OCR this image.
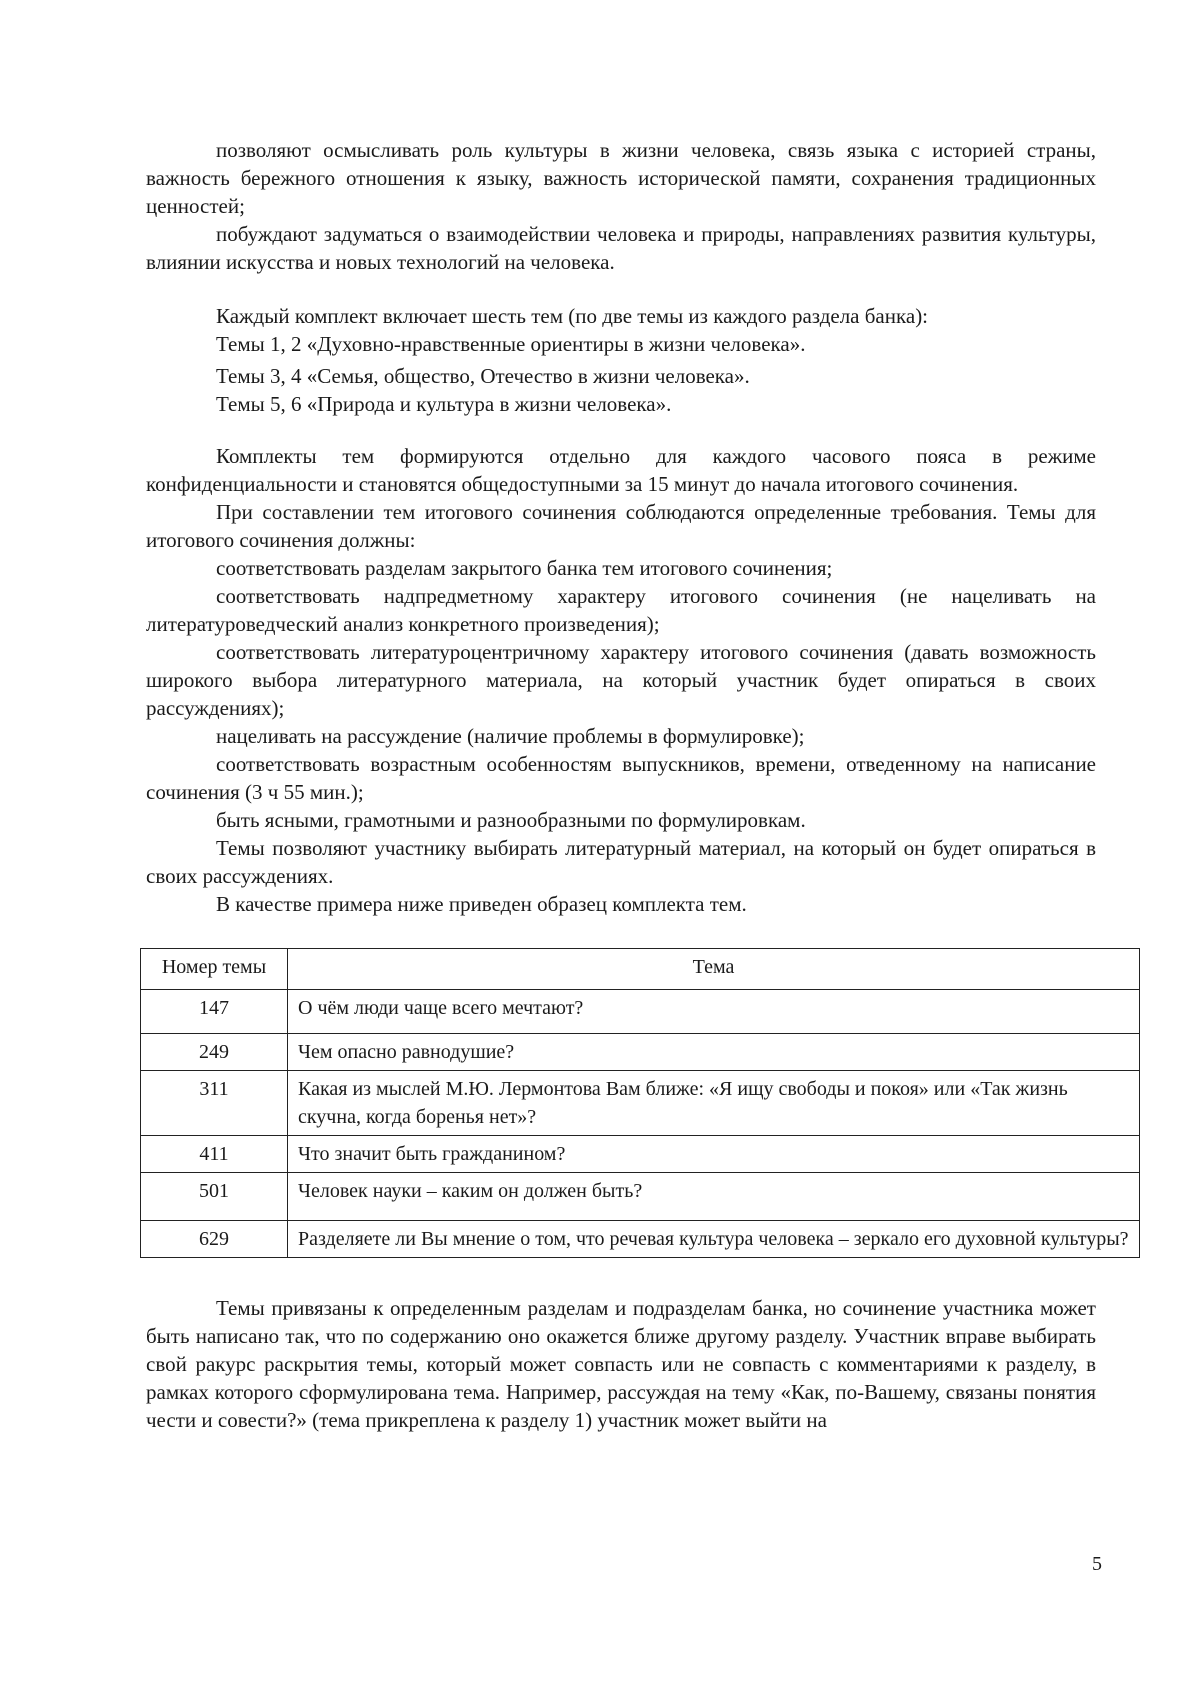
позволяют осмысливать роль культуры в жизни человека, связь языка с историей страны, важность бережного отношения к языку, важность исторической памяти, сохранения традиционных ценностей;

побуждают задуматься о взаимодействии человека и природы, направлениях развития культуры, влиянии искусства и новых технологий на человека.

Каждый комплект включает шесть тем (по две темы из каждого раздела банка):

Темы 1, 2 «Духовно-нравственные ориентиры в жизни человека».

Темы 3, 4 «Семья, общество, Отечество в жизни человека».

Темы 5, 6 «Природа и культура в жизни человека».

Комплекты тем формируются отдельно для каждого часового пояса в режиме конфиденциальности и становятся общедоступными за 15 минут до начала итогового сочинения.

При составлении тем итогового сочинения соблюдаются определенные требования. Темы для итогового сочинения должны:

соответствовать разделам закрытого банка тем итогового сочинения;

соответствовать надпредметному характеру итогового сочинения (не нацеливать на литературоведческий анализ конкретного произведения);

соответствовать литературоцентричному характеру итогового сочинения (давать возможность широкого выбора литературного материала, на который участник будет опираться в своих рассуждениях);

нацеливать на рассуждение (наличие проблемы в формулировке);

соответствовать возрастным особенностям выпускников, времени, отведенному на написание сочинения (3 ч 55 мин.);

быть ясными, грамотными и разнообразными по формулировкам.

Темы позволяют участнику выбирать литературный материал, на который он будет опираться в своих рассуждениях.

В качестве примера ниже приведен образец комплекта тем.

Номер темы	Тема
147	О чём люди чаще всего мечтают?
249	Чем опасно равнодушие?
311	Какая из мыслей М.Ю. Лермонтова Вам ближе: «Я ищу свободы и покоя» или «Так жизнь скучна, когда боренья нет»?
411	Что значит быть гражданином?
501	Человек науки – каким он должен быть?
629	Разделяете ли Вы мнение о том, что речевая культура человека – зеркало его духовной культуры?

Темы привязаны к определенным разделам и подразделам банка, но сочинение участника может быть написано так, что по содержанию оно окажется ближе другому разделу. Участник вправе выбирать свой ракурс раскрытия темы, который может совпасть или не совпасть с комментариями к разделу, в рамках которого сформулирована тема. Например, рассуждая на тему «Как, по-Вашему, связаны понятия чести и совести?» (тема прикреплена к разделу 1) участник может выйти на

5
